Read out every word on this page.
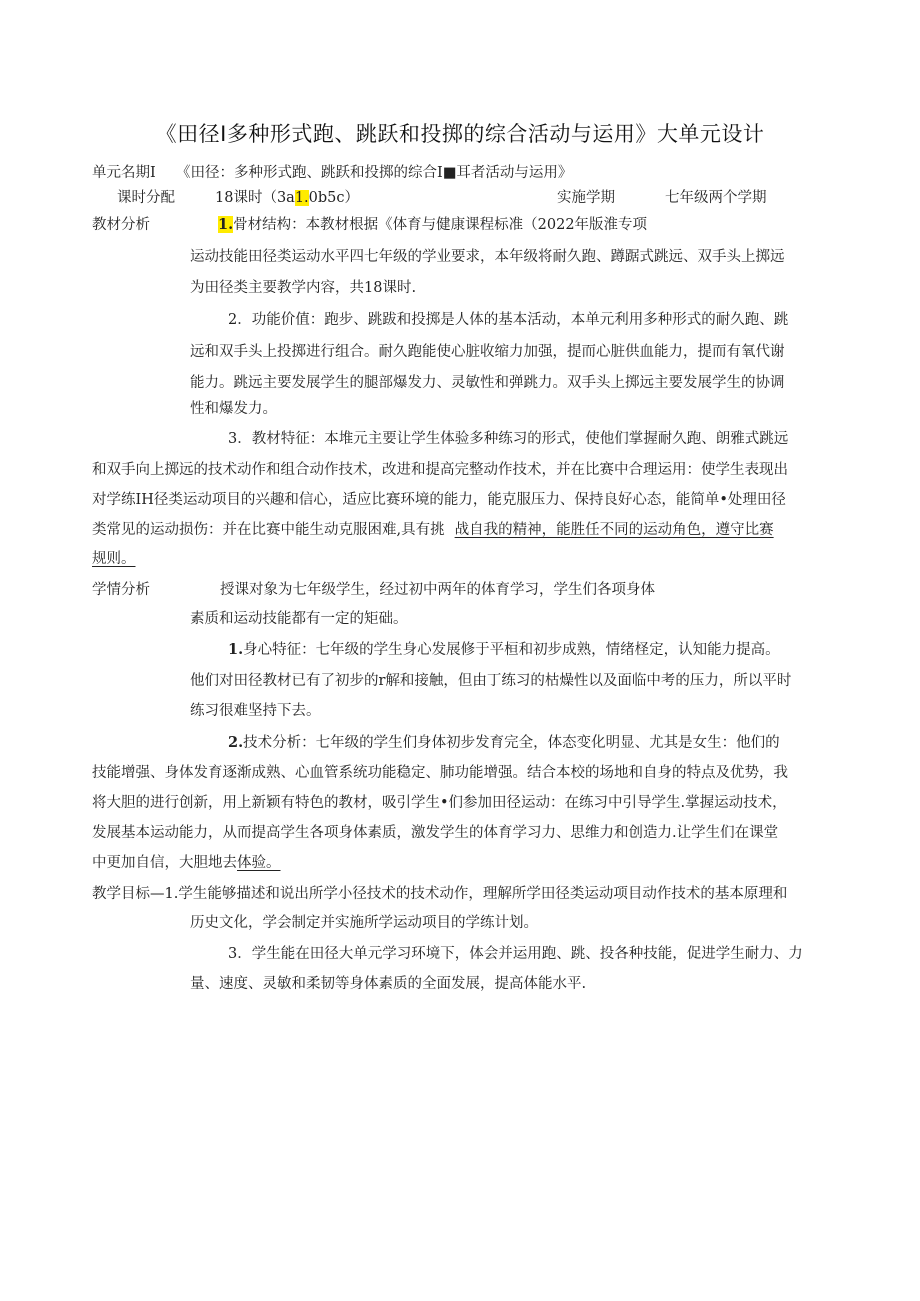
《田径I多种形式跑、跳跃和投掷的综合活动与运用》大单元设计
单元名期I 《田径：多种形式跑、跳跃和投掷的综合I■耳者活动与运用》
课时分配	18课时（3a1.0b5c）	实施学期	七年级两个学期
教材分析	1.骨材结构：本教材根据《体育与健康课程标准（2022年版淮专项
运动技能田径类运动水平四七年级的学业要求，本年级将耐久跑、蹲踞式跳远、双手头上掷远
为田径类主要教学内容，共18课时.
2．功能价值：跑步、跳跋和投掷是人体的基本活动，本单元利用多种形式的耐久跑、跳
远和双手头上投掷进行组合。耐久跑能使心脏收缩力加强，提而心脏供血能力，提而有氧代谢
能力。跳远主要发展学生的腿部爆发力、灵敏性和弹跳力。双手头上掷远主要发展学生的协调
性和爆发力。
3．教材特征：本堆元主要让学生体验多种练习的形式，使他们掌握耐久跑、朗雅式跳远
和双手向上掷远的技术动作和组合动作技术，改进和提高完整动作技术，并在比赛中合理运用：使学生表现出
对学练IH径类运动项目的兴趣和信心，适应比赛环境的能力，能克服压力、保持良好心态，能简单•处理田径
类常见的运动损伤：并在比赛中能生动克服困难,具有挑 战自我的精神，能胜任不同的运动角色，遵守比赛
规则。
学情分析	授课对象为七年级学生，经过初中两年的体育学习，学生们各项身体
素质和运动技能都有一定的矩础。
1.身心特征：七年级的学生身心发展修于平桓和初步成熟，情绪柽定，认知能力提高。
他们对田径教材已有了初步的r解和接触，但由丁练习的枯燥性以及面临中考的压力，所以平时
练习很难坚持下去。
2.技术分析：七年级的学生们身体初步发育完全，体态变化明显、尤其是女生：他们的
技能增强、身体发育逐渐成熟、心血管系统功能稳定、肺功能增强。结合本校的场地和自身的特点及优势，我
将大胆的进行创新，用上新颖有特色的教材，吸引学生•们参加田径运动：在练习中引导学生.掌握运动技术，
发展基本运动能力，从而提高学生各项身体素质，激发学生的体育学习力、思维力和创造力.让学生们在课堂
中更加自信，大胆地去体验。
教学目标—1.学生能够描述和说出所学小径技术的技术动作，理解所学田径类运动项目动作技术的基本原理和
历史文化，学会制定并实施所学运动项目的学练计划。
3．学生能在田径大单元学习环境下，体会并运用跑、跳、投各种技能，促进学生耐力、力
量、速度、灵敏和柔韧等身体素质的全面发展，提高体能水平.
